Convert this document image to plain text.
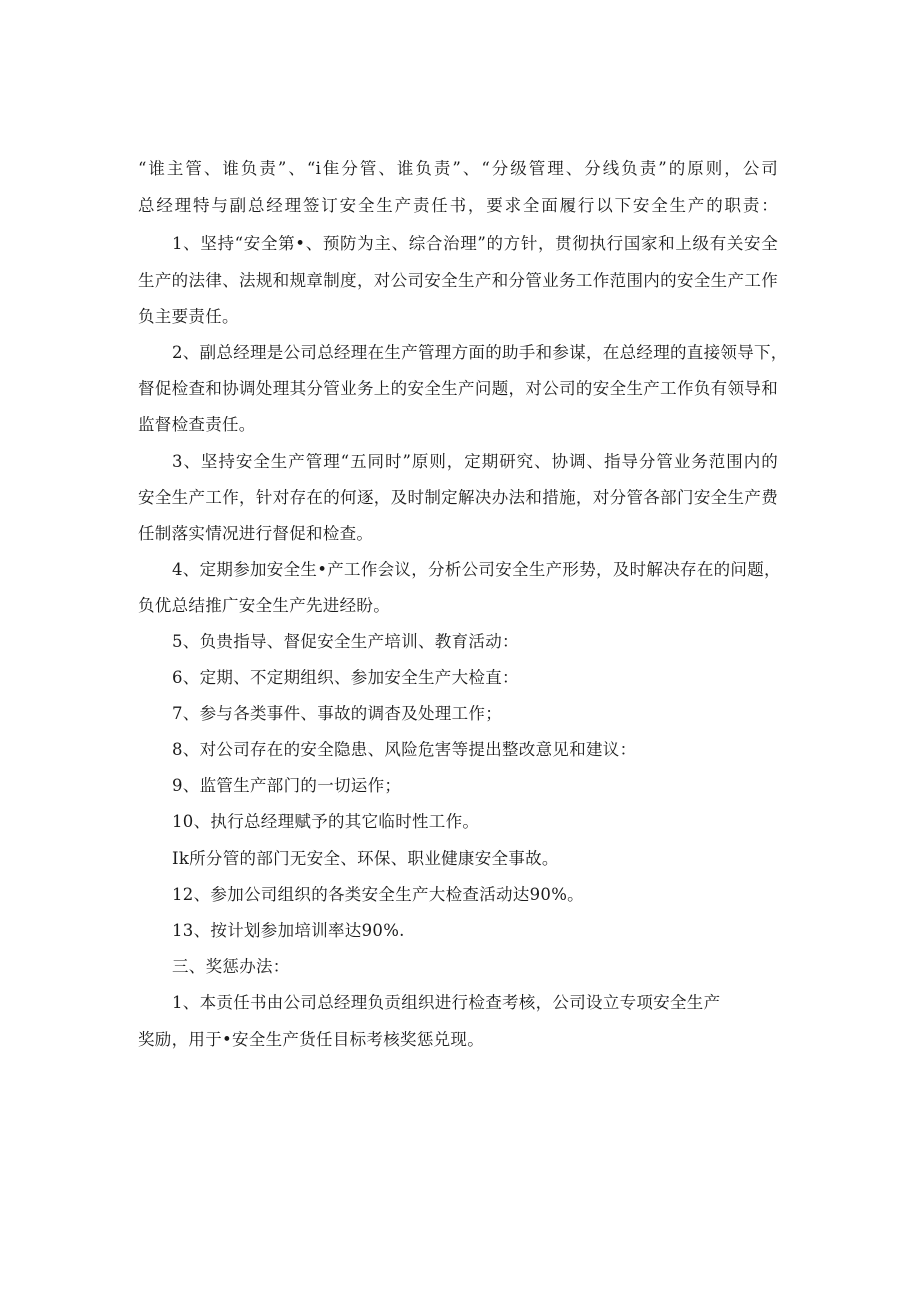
“谁主管、谁负责”、“i隹分管、谁负责”、“分级管理、分线负责”的原则，公司
总经理特与副总经理签订安全生产责任书，要求全面履行以下安全生产的职责：
1、坚持“安全第•、预防为主、综合治理”的方针，贯彻执行国家和上级有关安全
生产的法律、法规和规章制度，对公司安全生产和分管业务工作范围内的安全生产工作
负主要责任。
2、副总经理是公司总经理在生产管理方面的助手和参谋，在总经理的直接领导下，
督促检查和协调处理其分管业务上的安全生产问题，对公司的安全生产工作负有领导和
监督检查责任。
3、坚持安全生产管理“五同时”原则，定期研究、协调、指导分管业务范围内的
安全生产工作，针对存在的何逐，及时制定解决办法和措施，对分管各部门安全生产费
任制落实情况进行督促和检查。
4、定期参加安全生•产工作会议，分析公司安全生产形势，及时解决存在的问题，
负优总结推广安全生产先进经盼。
5、负贵指导、督促安全生产培训、教育活动：
6、定期、不定期组织、参加安全生产大检直：
7、参与各类事件、事故的调杳及处理工作；
8、对公司存在的安全隐患、风险危害等提出整改意见和建议：
9、监管生产部门的一切运作；
10、执行总经理赋予的其它临时性工作。
Ik所分管的部门无安全、环保、职业健康安全事故。
12、参加公司组织的各类安全生产大检查活动达90%。
13、按计划参加培训率达90%.
三、奖惩办法：
1、本贡任书由公司总经理负贡组织进行检查考核，公司设立专项安全生产
奖励，用于•安全生产货任目标考核奖惩兑现。
